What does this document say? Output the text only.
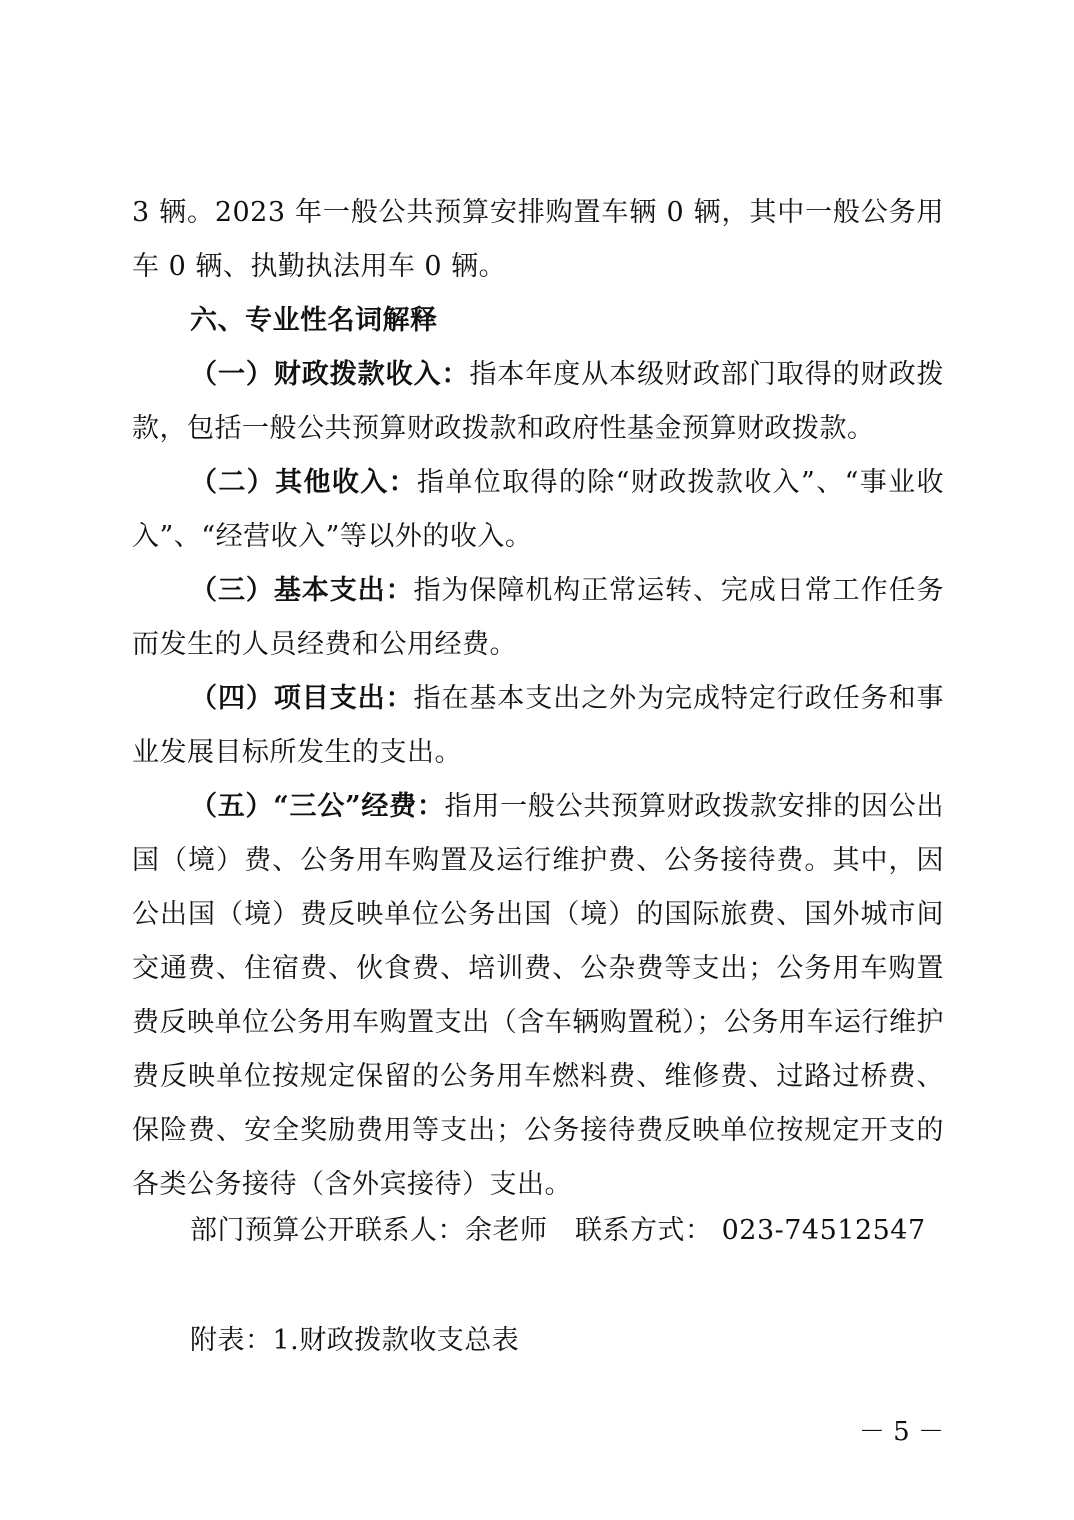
3 辆。2023 年一般公共预算安排购置车辆 0 辆，其中一般公务用车 0 辆、执勤执法用车 0 辆。
六、专业性名词解释
（一）财政拨款收入：指本年度从本级财政部门取得的财政拨款，包括一般公共预算财政拨款和政府性基金预算财政拨款。
（二）其他收入：指单位取得的除“财政拨款收入”、“事业收入”、“经营收入”等以外的收入。
（三）基本支出：指为保障机构正常运转、完成日常工作任务而发生的人员经费和公用经费。
（四）项目支出：指在基本支出之外为完成特定行政任务和事业发展目标所发生的支出。
（五）“三公”经费：指用一般公共预算财政拨款安排的因公出国（境）费、公务用车购置及运行维护费、公务接待费。其中，因公出国（境）费反映单位公务出国（境）的国际旅费、国外城市间交通费、住宿费、伙食费、培训费、公杂费等支出；公务用车购置费反映单位公务用车购置支出（含车辆购置税）；公务用车运行维护费反映单位按规定保留的公务用车燃料费、维修费、过路过桥费、保险费、安全奖励费用等支出；公务接待费反映单位按规定开支的各类公务接待（含外宾接待）支出。
部门预算公开联系人：余老师　联系方式： 023-74512547
附表：1.财政拨款收支总表
－ 5 －
